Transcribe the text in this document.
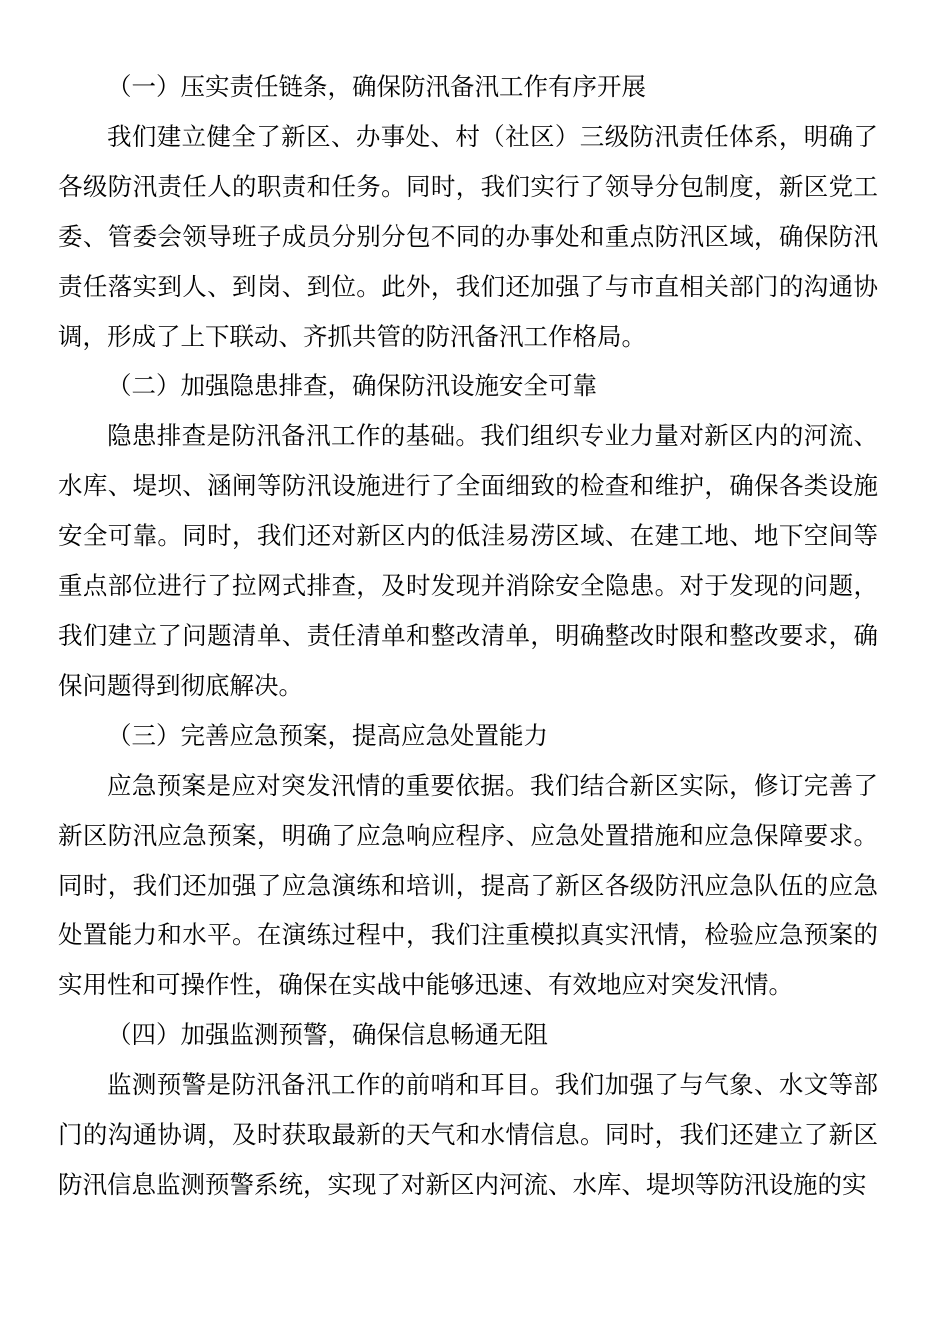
（一）压实责任链条，确保防汛备汛工作有序开展

我们建立健全了新区、办事处、村（社区）三级防汛责任体系，明确了各级防汛责任人的职责和任务。同时，我们实行了领导分包制度，新区党工委、管委会领导班子成员分别分包不同的办事处和重点防汛区域，确保防汛责任落实到人、到岗、到位。此外，我们还加强了与市直相关部门的沟通协调，形成了上下联动、齐抓共管的防汛备汛工作格局。

（二）加强隐患排查，确保防汛设施安全可靠

隐患排查是防汛备汛工作的基础。我们组织专业力量对新区内的河流、水库、堤坝、涵闸等防汛设施进行了全面细致的检查和维护，确保各类设施安全可靠。同时，我们还对新区内的低洼易涝区域、在建工地、地下空间等重点部位进行了拉网式排查，及时发现并消除安全隐患。对于发现的问题，我们建立了问题清单、责任清单和整改清单，明确整改时限和整改要求，确保问题得到彻底解决。

（三）完善应急预案，提高应急处置能力

应急预案是应对突发汛情的重要依据。我们结合新区实际，修订完善了新区防汛应急预案，明确了应急响应程序、应急处置措施和应急保障要求。同时，我们还加强了应急演练和培训，提高了新区各级防汛应急队伍的应急处置能力和水平。在演练过程中，我们注重模拟真实汛情，检验应急预案的实用性和可操作性，确保在实战中能够迅速、有效地应对突发汛情。

（四）加强监测预警，确保信息畅通无阻

监测预警是防汛备汛工作的前哨和耳目。我们加强了与气象、水文等部门的沟通协调，及时获取最新的天气和水情信息。同时，我们还建立了新区防汛信息监测预警系统，实现了对新区内河流、水库、堤坝等防汛设施的实
